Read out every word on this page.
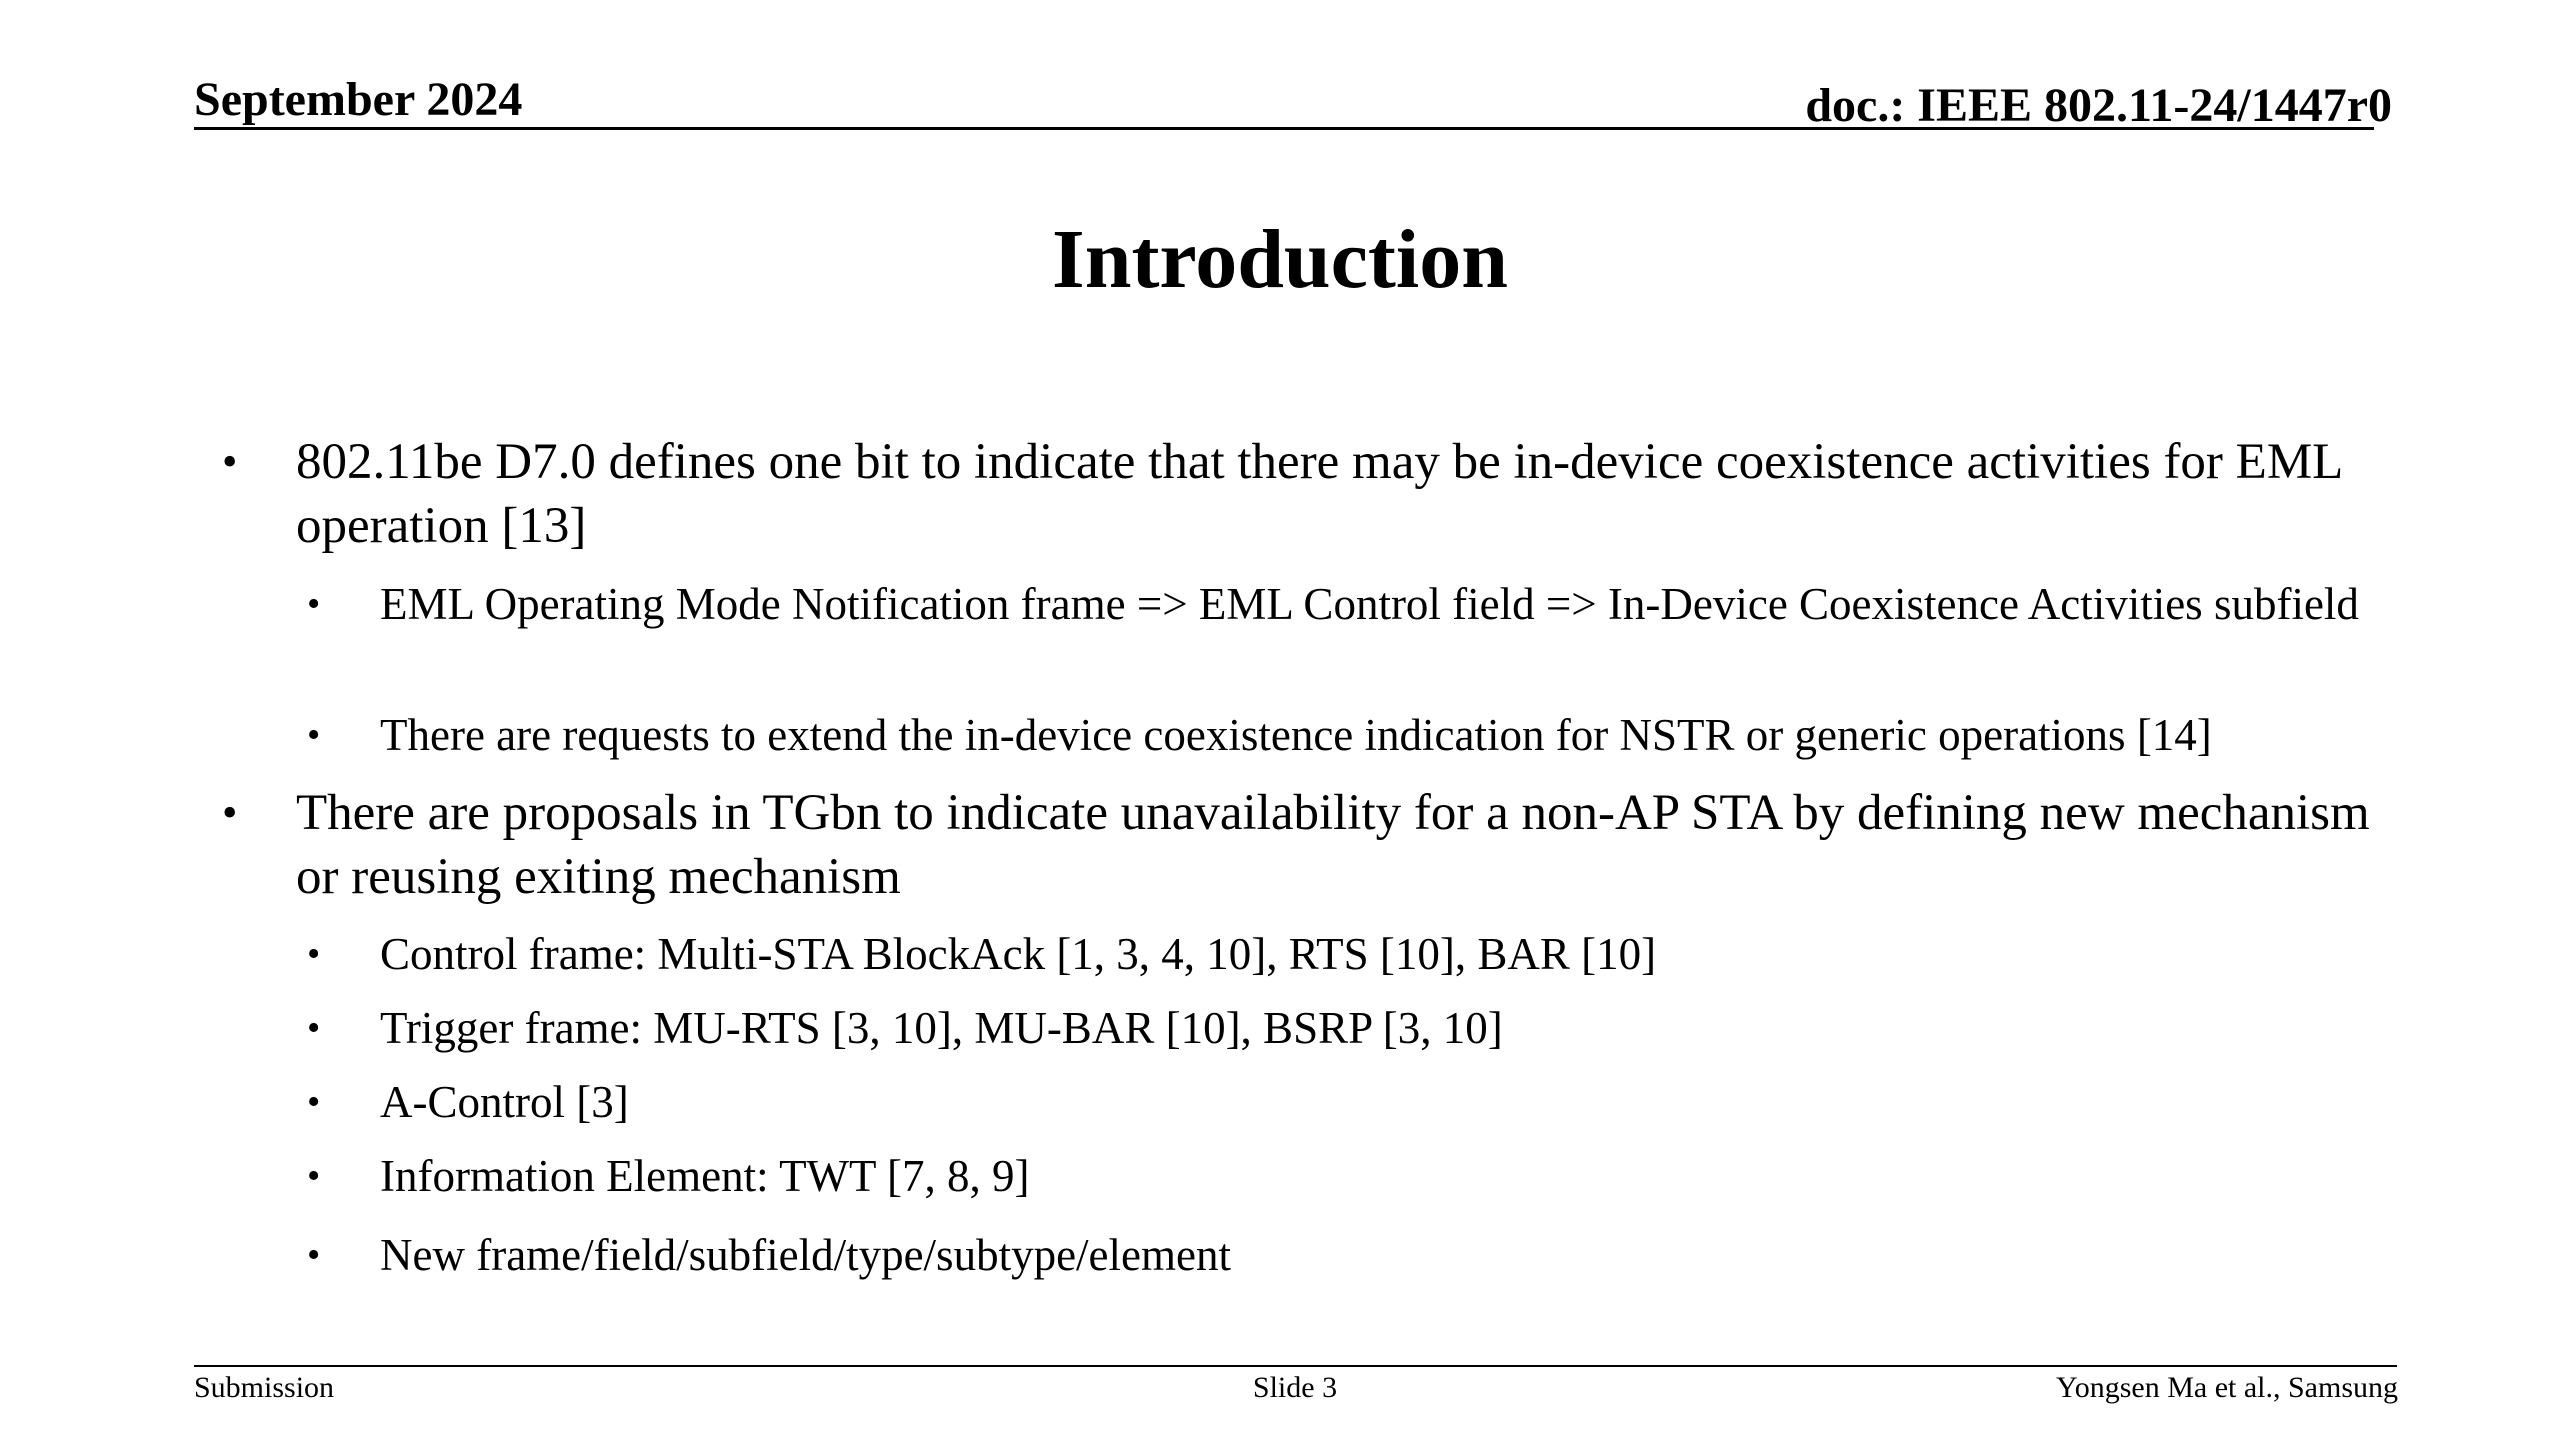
September 2024	doc.: IEEE 802.11-24/1447r0
Introduction
• 802.11be D7.0 defines one bit to indicate that there may be in-device coexistence activities for EML operation [13]
• EML Operating Mode Notification frame => EML Control field => In-Device Coexistence Activities subfield
• There are requests to extend the in-device coexistence indication for NSTR or generic operations [14]
• There are proposals in TGbn to indicate unavailability for a non-AP STA by defining new mechanism or reusing exiting mechanism
• Control frame: Multi-STA BlockAck [1, 3, 4, 10], RTS [10], BAR [10]
• Trigger frame: MU-RTS [3, 10], MU-BAR [10], BSRP [3, 10]
• A-Control [3]
• Information Element: TWT [7, 8, 9]
• New frame/field/subfield/type/subtype/element
Submission	Slide 3	Yongsen Ma et al., Samsung
